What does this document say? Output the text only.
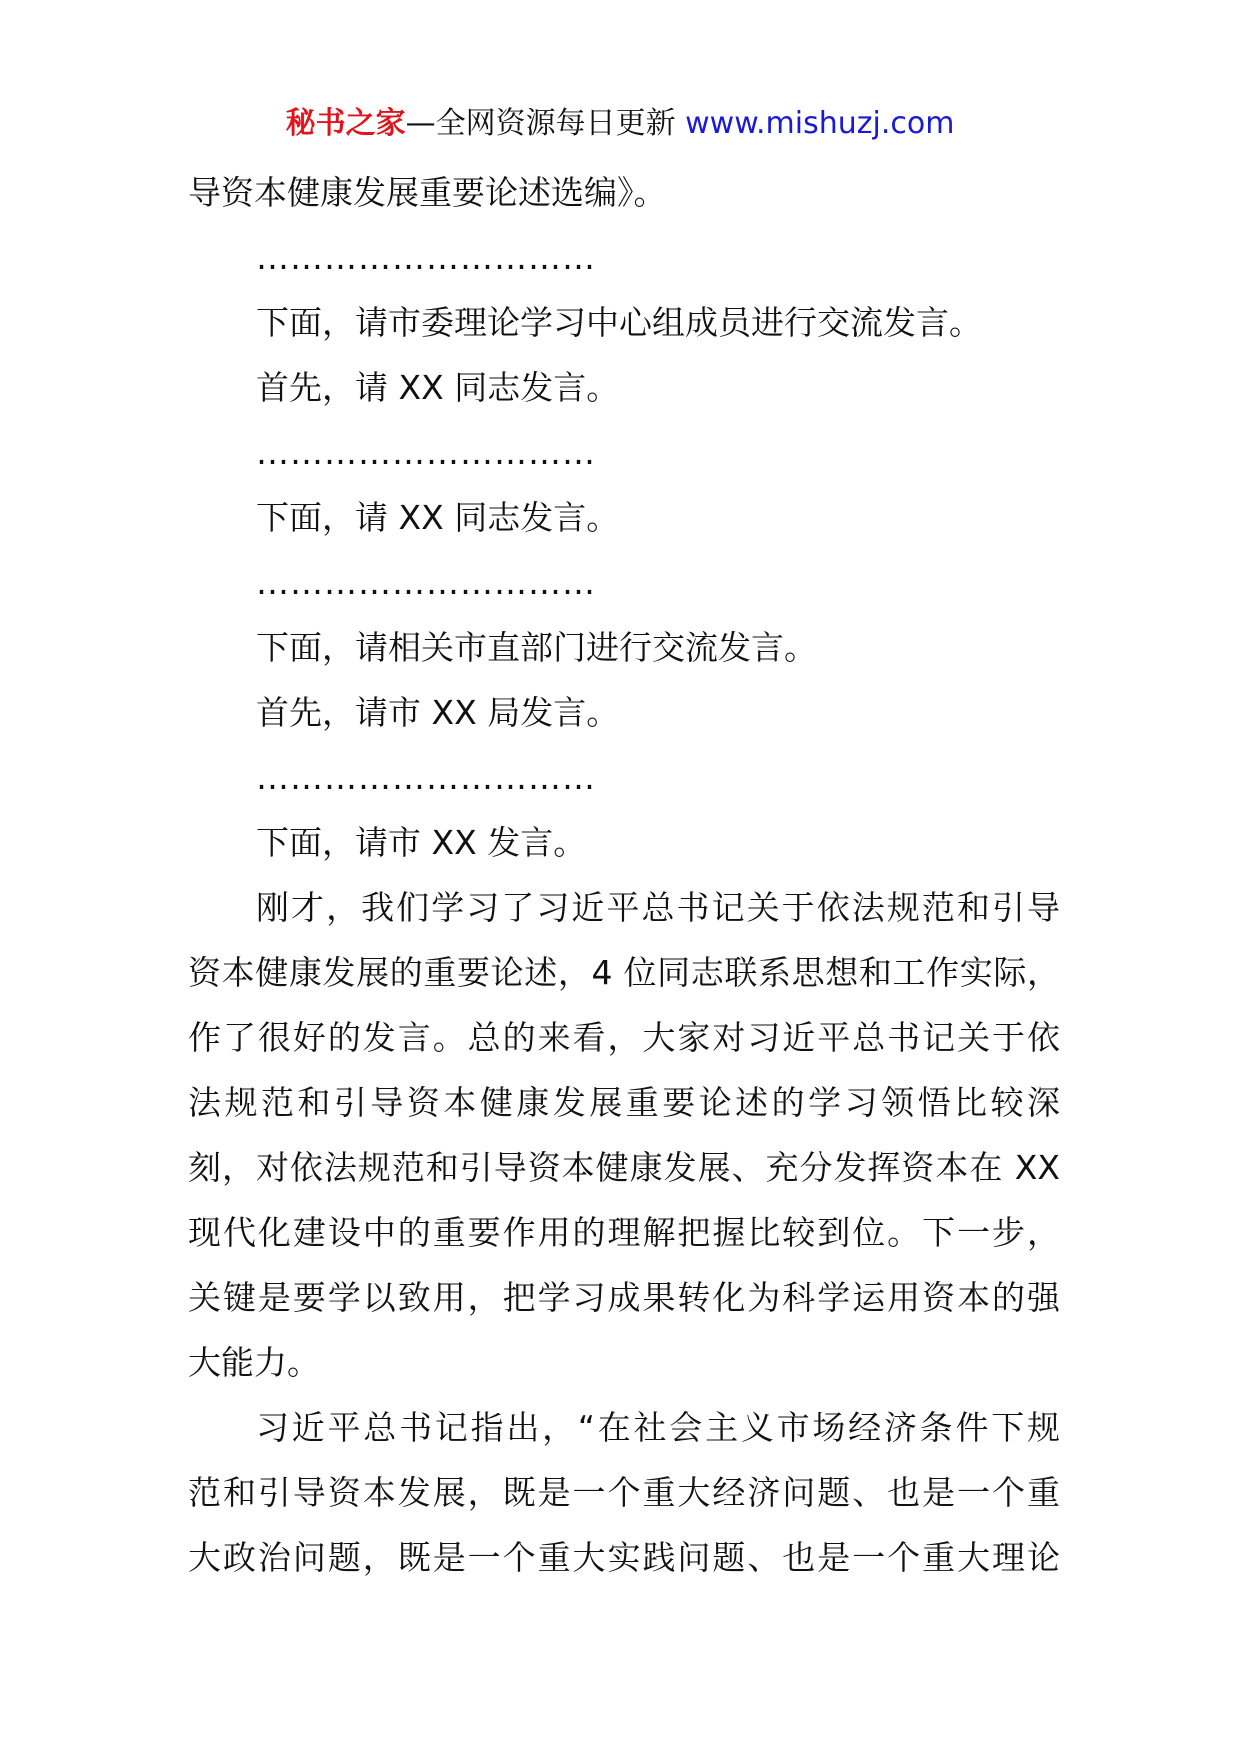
秘书之家—全网资源每日更新 www.mishuzj.com
导资本健康发展重要论述选编》。
…………………………
下面，请市委理论学习中心组成员进行交流发言。
首先，请 XX 同志发言。
…………………………
下面，请 XX 同志发言。
…………………………
下面，请相关市直部门进行交流发言。
首先，请市 XX 局发言。
…………………………
下面，请市 XX 发言。
刚才，我们学习了习近平总书记关于依法规范和引导
资本健康发展的重要论述，4 位同志联系思想和工作实际，
作了很好的发言。总的来看，大家对习近平总书记关于依
法规范和引导资本健康发展重要论述的学习领悟比较深
刻，对依法规范和引导资本健康发展、充分发挥资本在 XX
现代化建设中的重要作用的理解把握比较到位。下一步，
关键是要学以致用，把学习成果转化为科学运用资本的强
大能力。
习近平总书记指出，“在社会主义市场经济条件下规
范和引导资本发展，既是一个重大经济问题、也是一个重
大政治问题，既是一个重大实践问题、也是一个重大理论
